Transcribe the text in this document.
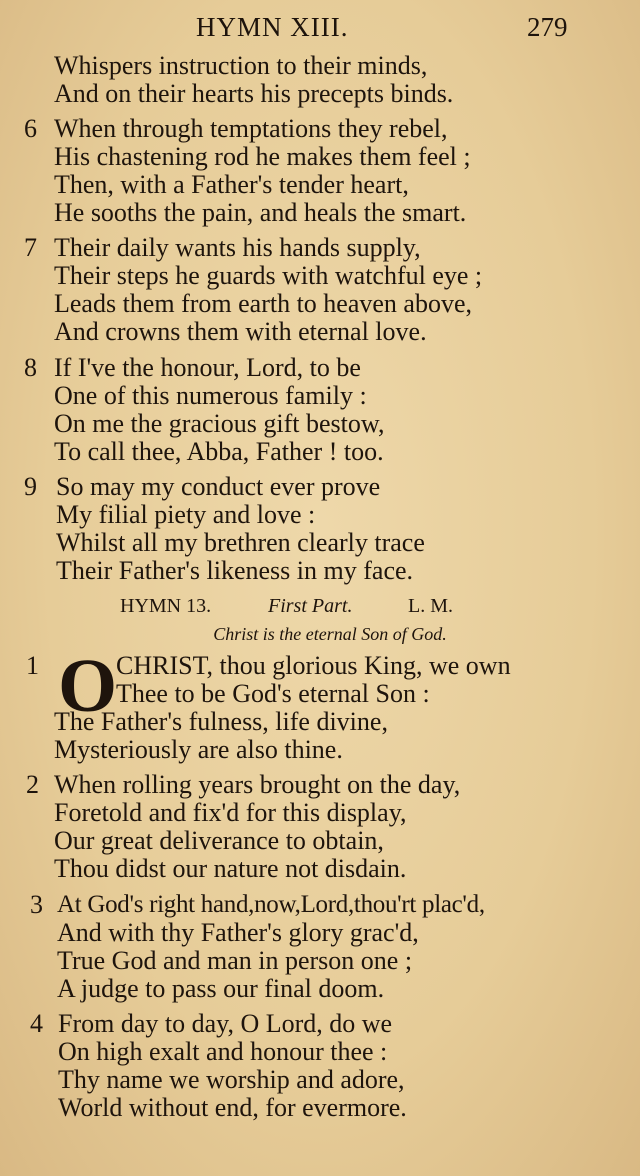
HYMN XIII.	279
Whispers instruction to their minds,
And on their hearts his precepts binds.
6 When through temptations they rebel,
His chastening rod he makes them feel ;
Then, with a Father's tender heart,
He sooths the pain, and heals the smart.
7 Their daily wants his hands supply,
Their steps he guards with watchful eye ;
Leads them from earth to heaven above,
And crowns them with eternal love.
8 If I've the honour, Lord, to be
One of this numerous family :
On me the gracious gift bestow,
To call thee, Abba, Father ! too.
9 So may my conduct ever prove
My filial piety and love :
Whilst all my brethren clearly trace
Their Father's likeness in my face.
HYMN 13.	First Part.	L. M.
Christ is the eternal Son of God.
1 O
CHRIST, thou glorious King, we own
Thee to be God's eternal Son :
The Father's fulness, life divine,
Mysteriously are also thine.
2 When rolling years brought on the day,
Foretold and fix'd for this display,
Our great deliverance to obtain,
Thou didst our nature not disdain.
3 At God's right hand,now,Lord,thou'rt plac'd,
And with thy Father's glory grac'd,
True God and man in person one ;
A judge to pass our final doom.
4 From day to day, O Lord, do we
On high exalt and honour thee :
Thy name we worship and adore,
World without end, for evermore.
